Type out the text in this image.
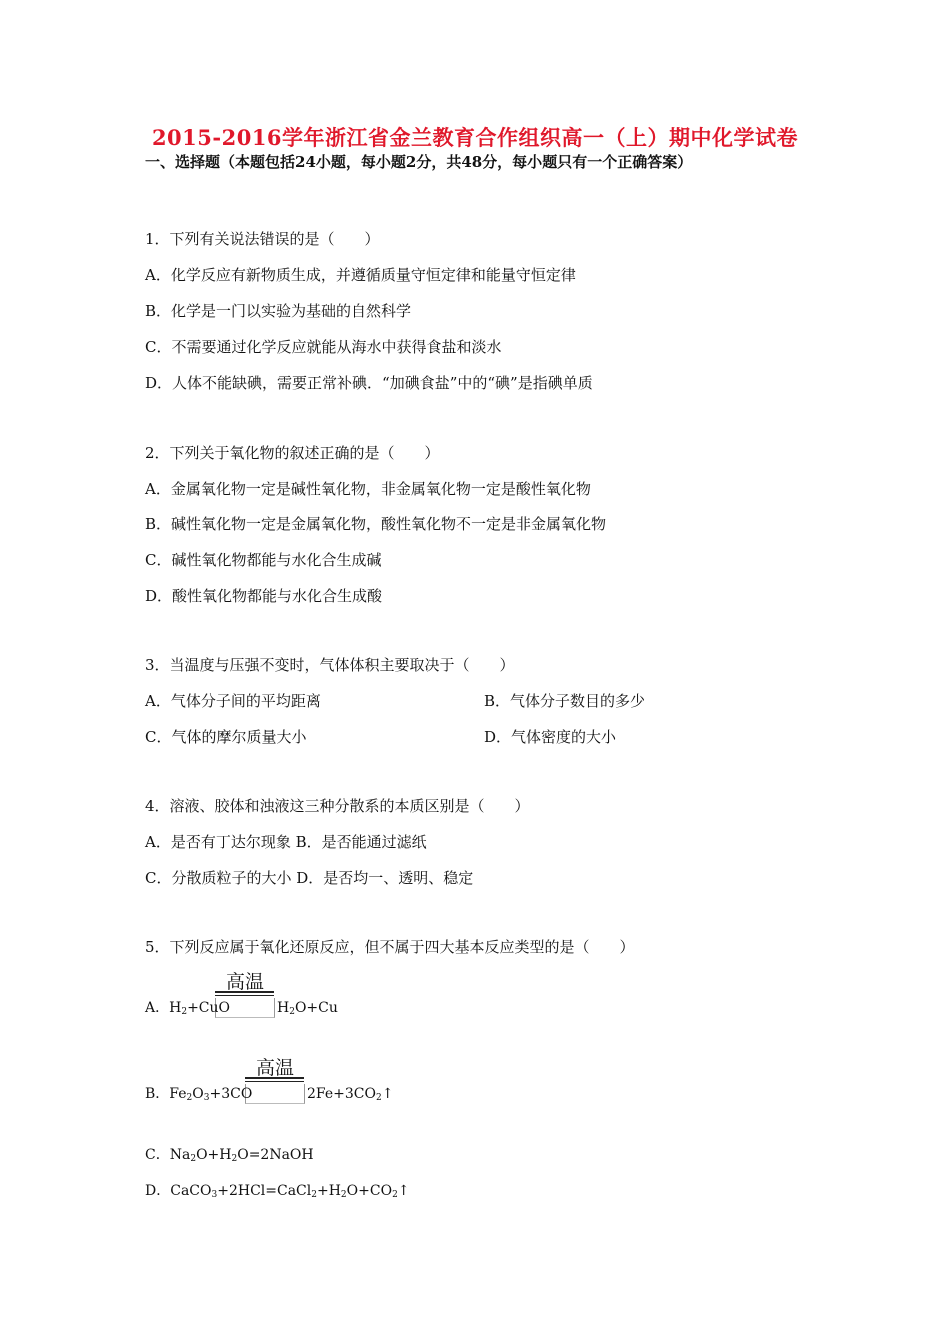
2015-2016学年浙江省金兰教育合作组织高一（上）期中化学试卷
一、选择题（本题包括24小题，每小题2分，共48分，每小题只有一个正确答案）
1．下列有关说法错误的是（　　）
A．化学反应有新物质生成，并遵循质量守恒定律和能量守恒定律
B．化学是一门以实验为基础的自然科学
C．不需要通过化学反应就能从海水中获得食盐和淡水
D．人体不能缺碘，需要正常补碘．“加碘食盐”中的“碘”是指碘单质
2．下列关于氧化物的叙述正确的是（　　）
A．金属氧化物一定是碱性氧化物，非金属氧化物一定是酸性氧化物
B．碱性氧化物一定是金属氧化物，酸性氧化物不一定是非金属氧化物
C．碱性氧化物都能与水化合生成碱
D．酸性氧化物都能与水化合生成酸
3．当温度与压强不变时，气体体积主要取决于（　　）
A．气体分子间的平均距离	B．气体分子数目的多少
C．气体的摩尔质量大小	D．气体密度的大小
4．溶液、胶体和浊液这三种分散系的本质区别是（　　）
A．是否有丁达尔现象 B．是否能通过滤纸
C．分散质粒子的大小 D．是否均一、透明、稳定
5．下列反应属于氧化还原反应，但不属于四大基本反应类型的是（　　）
高温
A．$H_2+CuO$	$H_2O+Cu$
高温
B．$Fe_2O_3+3CO$	$2Fe+3CO_2↑$
C．$Na_2O+H_2O=2NaOH$
D．$CaCO_3+2HCl=CaCl_2+H_2O+CO_2↑$
